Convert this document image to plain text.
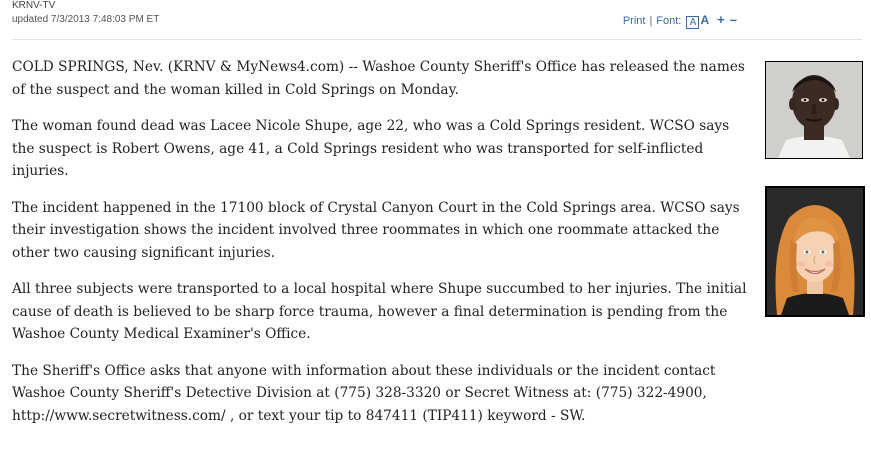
KRNV-TV
updated 7/3/2013 7:48:03 PM ET	Print | Font: A A + –

COLD SPRINGS, Nev. (KRNV & MyNews4.com) -- Washoe County Sheriff's Office has released the names of the suspect and the woman killed in Cold Springs on Monday.

The woman found dead was Lacee Nicole Shupe, age 22, who was a Cold Springs resident. WCSO says the suspect is Robert Owens, age 41, a Cold Springs resident who was transported for self-inflicted injuries.

The incident happened in the 17100 block of Crystal Canyon Court in the Cold Springs area. WCSO says their investigation shows the incident involved three roommates in which one roommate attacked the other two causing significant injuries.

All three subjects were transported to a local hospital where Shupe succumbed to her injuries. The initial cause of death is believed to be sharp force trauma, however a final determination is pending from the Washoe County Medical Examiner's Office.

The Sheriff's Office asks that anyone with information about these individuals or the incident contact Washoe County Sheriff's Detective Division at (775) 328-3320 or Secret Witness at: (775) 322-4900, http://www.secretwitness.com/ , or text your tip to 847411 (TIP411) keyword - SW.
